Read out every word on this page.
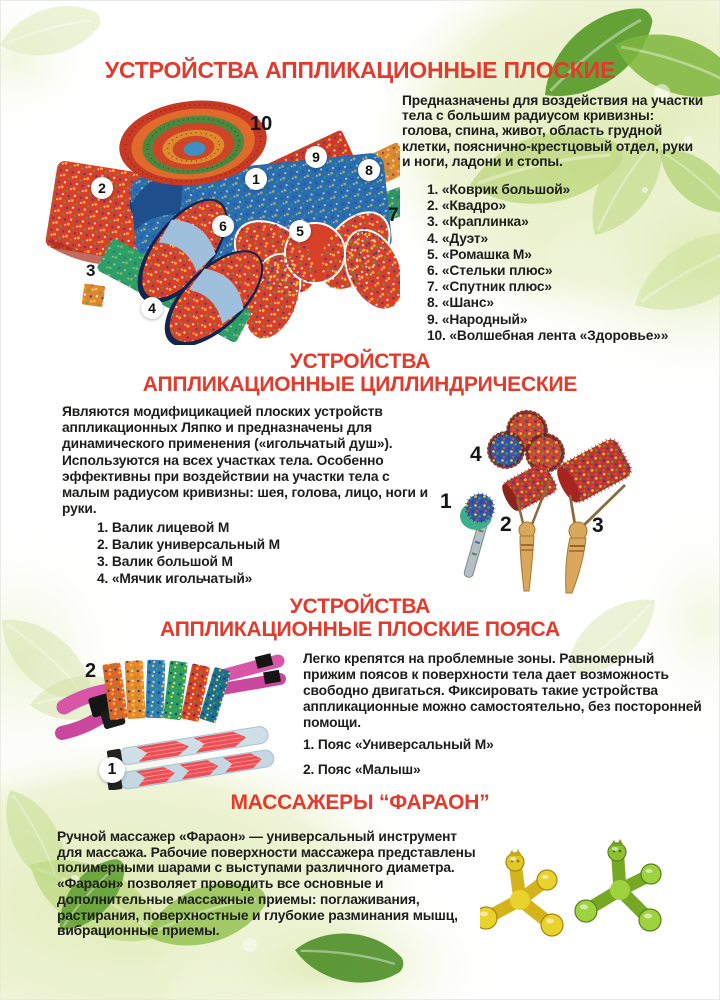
УСТРОЙСТВА АППЛИКАЦИОННЫЕ ПЛОСКИЕ
10
1
2
9
8
7
5
6
4
3
Предназначены для воздействия на участки тела с большим радиусом кривизны: голова, спина, живот, область грудной клетки, пояснично-крестцовый отдел, руки и ноги, ладони и стопы.
1. «Коврик большой»
2. «Квадро»
3. «Краплинка»
4. «Дуэт»
5. «Ромашка М»
6. «Стельки плюс»
7. «Спутник плюс»
8. «Шанс»
9. «Народный»
10. «Волшебная лента «Здоровье»»
УСТРОЙСТВА
АППЛИКАЦИОННЫЕ ЦИЛЛИНДРИЧЕСКИЕ
Являются модифицикацией плоских устройств аппликационных Ляпко и предназначены для динамического применения («игольчатый душ»). Используются на всех участках тела. Особенно эффективны при воздействии на участки тела с малым радиусом кривизны: шея, голова, лицо, ноги и руки.
1. Валик лицевой М
2. Валик универсальный М
3. Валик большой М
4. «Мячик игольчатый»
4
1
2	3
УСТРОЙСТВА
АППЛИКАЦИОННЫЕ ПЛОСКИЕ ПОЯСА
2
1
Легко крепятся на проблемные зоны. Равномерный прижим поясов к поверхности тела дает возможность свободно двигаться. Фиксировать такие устройства аппликационные можно самостоятельно, без посторонней помощи.
1. Пояс «Универсальный М»
2. Пояс «Малыш»
МАССАЖЕРЫ “ФАРАОН”
Ручной массажер «Фараон» — универсальный инструмент для массажа. Рабочие поверхности массажера представлены полимерными шарами с выступами различного диаметра. «Фараон» позволяет проводить все основные и дополнительные массажные приемы: поглаживания, растирания, поверхностные и глубокие разминания мышц, вибрационные приемы.
